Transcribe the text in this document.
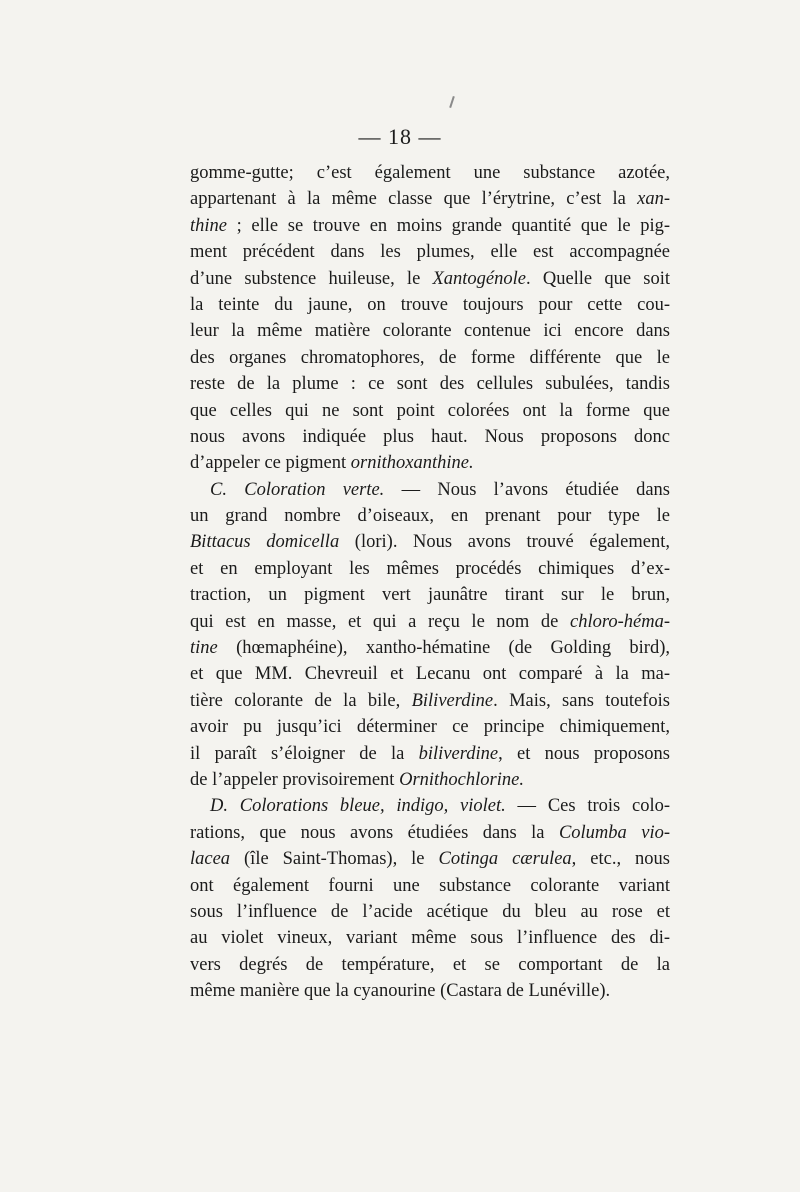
— 18 —
gomme-gutte; c’est également une substance azotée,
appartenant à la même classe que l’érytrine, c’est la xan-
thine ; elle se trouve en moins grande quantité que le pig-
ment précédent dans les plumes, elle est accompagnée
d’une substence huileuse, le Xantogénole. Quelle que soit
la teinte du jaune, on trouve toujours pour cette cou-
leur la même matière colorante contenue ici encore dans
des organes chromatophores, de forme différente que le
reste de la plume : ce sont des cellules subulées, tandis
que celles qui ne sont point colorées ont la forme que
nous avons indiquée plus haut. Nous proposons donc
d’appeler ce pigment ornithoxanthine.
C. Coloration verte. — Nous l’avons étudiée dans
un grand nombre d’oiseaux, en prenant pour type le
Bittacus domicella (lori). Nous avons trouvé également,
et en employant les mêmes procédés chimiques d’ex-
traction, un pigment vert jaunâtre tirant sur le brun,
qui est en masse, et qui a reçu le nom de chloro-héma-
tine (hœmaphéine), xantho-hématine (de Golding bird),
et que MM. Chevreuil et Lecanu ont comparé à la ma-
tière colorante de la bile, Biliverdine. Mais, sans toutefois
avoir pu jusqu’ici déterminer ce principe chimiquement,
il paraît s’éloigner de la biliverdine, et nous proposons
de l’appeler provisoirement Ornithochlorine.
D. Colorations bleue, indigo, violet. — Ces trois colo-
rations, que nous avons étudiées dans la Columba vio-
lacea (île Saint-Thomas), le Cotinga cærulea, etc., nous
ont également fourni une substance colorante variant
sous l’influence de l’acide acétique du bleu au rose et
au violet vineux, variant même sous l’influence des di-
vers degrés de température, et se comportant de la
même manière que la cyanourine (Castara de Lunéville).
